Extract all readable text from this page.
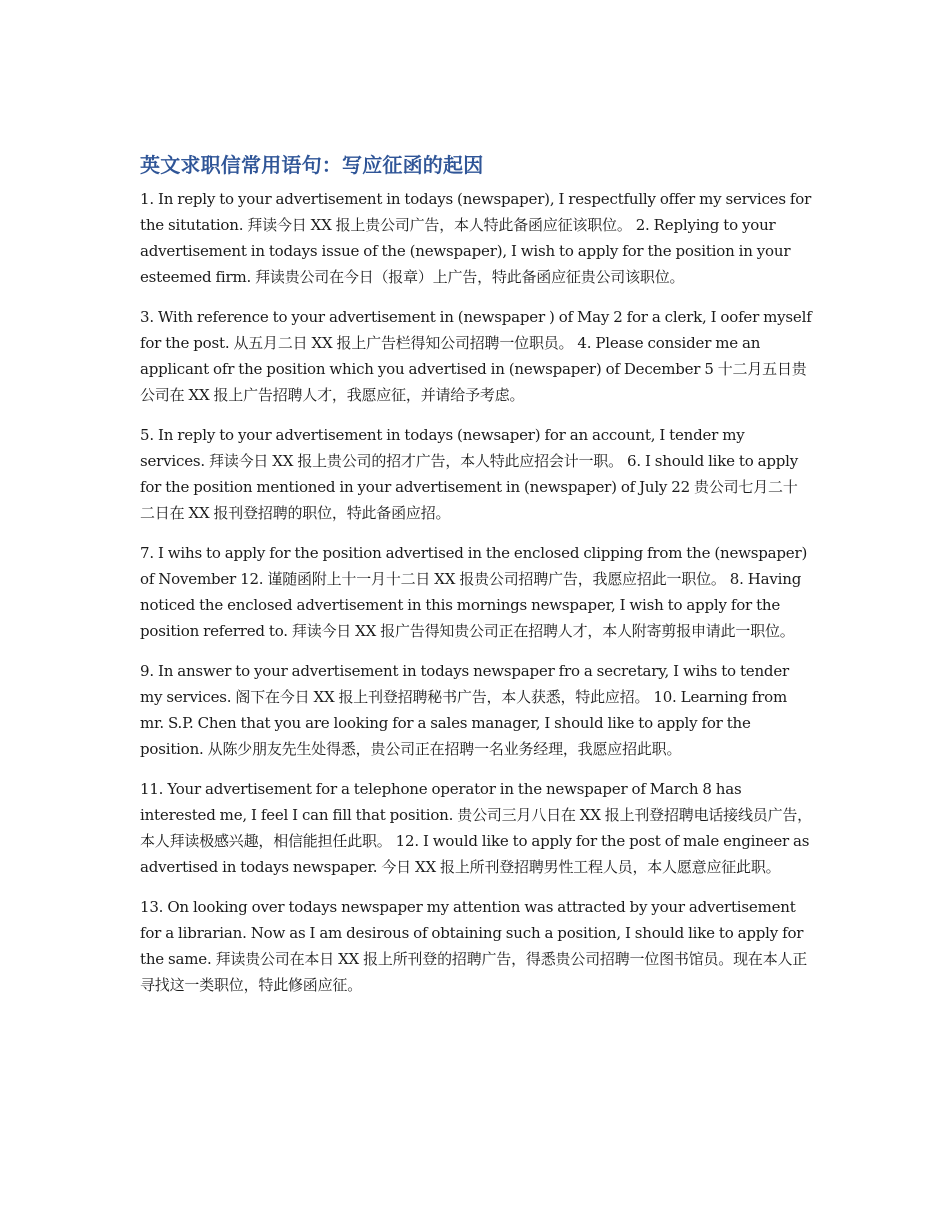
英文求职信常用语句：写应征函的起因

1. In reply to your advertisement in todays (newspaper), I respectfully offer my services for the situtation. 拜读今日 XX 报上贵公司广告，本人特此备函应征该职位。 2. Replying to your advertisement in todays issue of the (newspaper), I wish to apply for the position in your esteemed firm. 拜读贵公司在今日（报章）上广告，特此备函应征贵公司该职位。

3. With reference to your advertisement in (newspaper ) of May 2 for a clerk, I oofer myself for the post. 从五月二日 XX 报上广告栏得知公司招聘一位职员。 4. Please consider me an applicant ofr the position which you advertised in (newspaper) of December 5 十二月五日贵公司在 XX 报上广告招聘人才，我愿应征，并请给予考虑。

5. In reply to your advertisement in todays (newsaper) for an account, I tender my services. 拜读今日 XX 报上贵公司的招才广告，本人特此应招会计一职。 6. I should like to apply for the position mentioned in your advertisement in (newspaper) of July 22 贵公司七月二十二日在 XX 报刊登招聘的职位，特此备函应招。

7. I wihs to apply for the position advertised in the enclosed clipping from the (newspaper) of November 12. 谨随函附上十一月十二日 XX 报贵公司招聘广告，我愿应招此一职位。 8. Having noticed the enclosed advertisement in this mornings newspaper, I wish to apply for the position referred to. 拜读今日 XX 报广告得知贵公司正在招聘人才，本人附寄剪报申请此一职位。

9. In answer to your advertisement in todays newspaper fro a secretary, I wihs to tender my services. 阁下在今日 XX 报上刊登招聘秘书广告，本人获悉，特此应招。 10. Learning from mr. S.P. Chen that you are looking for a sales manager, I should like to apply for the position. 从陈少朋友先生处得悉，贵公司正在招聘一名业务经理，我愿应招此职。

11. Your advertisement for a telephone operator in the newspaper of March 8 has interested me, I feel I can fill that position. 贵公司三月八日在 XX 报上刊登招聘电话接线员广告，本人拜读极感兴趣，相信能担任此职。 12. I would like to apply for the post of male engineer as advertised in todays newspaper. 今日 XX 报上所刊登招聘男性工程人员，本人愿意应征此职。

13. On looking over todays newspaper my attention was attracted by your advertisement for a librarian. Now as I am desirous of obtaining such a position, I should like to apply for the same. 拜读贵公司在本日 XX 报上所刊登的招聘广告，得悉贵公司招聘一位图书馆员。现在本人正寻找这一类职位，特此修函应征。
